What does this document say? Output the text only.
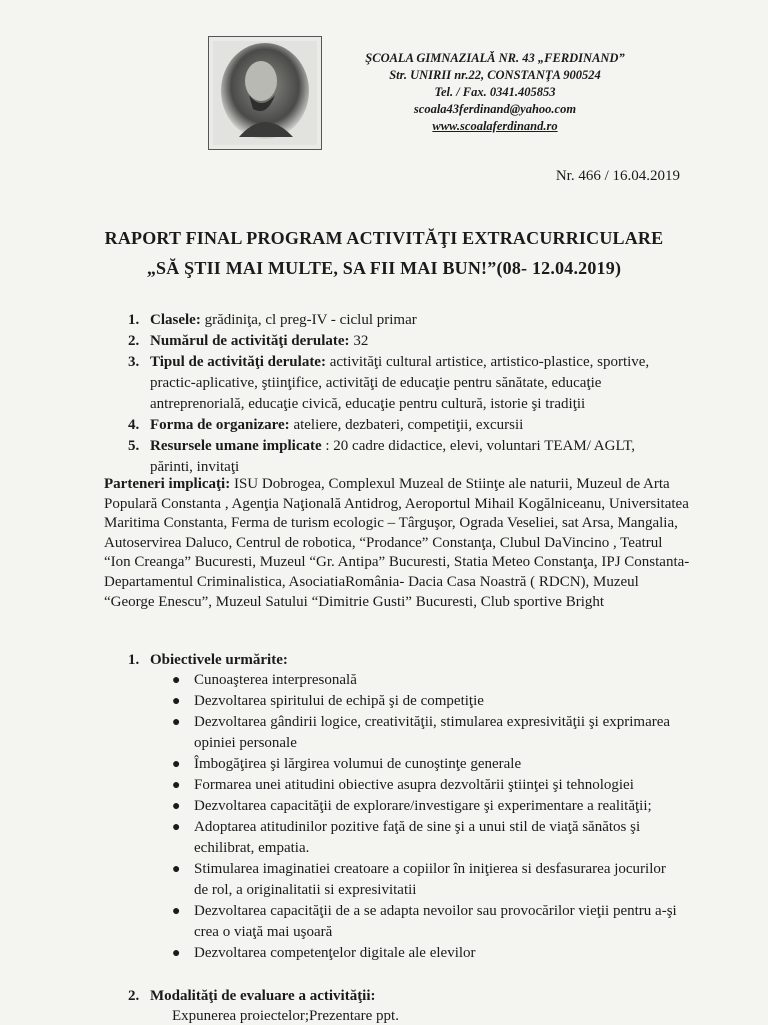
ŞCOALA GIMNAZIALĂ NR. 43 „FERDINAND”
Str. UNIRII nr.22, CONSTANŢA 900524
Tel. / Fax. 0341.405853
scoala43ferdinand@yahoo.com
www.scoalaferdinand.ro
Nr. 466 / 16.04.2019
RAPORT FINAL PROGRAM ACTIVITĂŢI EXTRACURRICULARE
„SĂ ŞTII MAI MULTE, SA FII MAI BUN!”(08- 12.04.2019)
1. Clasele: grădiniţa, cl preg-IV - ciclul primar
2. Numărul de activităţi derulate: 32
3. Tipul de activităţi derulate: activităţi cultural artistice, artistico-plastice, sportive, practic-aplicative, ştiinţifice, activităţi de educaţie pentru sănătate, educaţie antreprenorială, educaţie civică, educaţie pentru cultură, istorie şi tradiţii
4. Forma de organizare: ateliere, dezbateri, competiţii, excursii
5. Resursele umane implicate : 20 cadre didactice, elevi, voluntari TEAM/ AGLT, părinti, invitaţi
Parteneri implicaţi: ISU Dobrogea, Complexul Muzeal de Stiinţe ale naturii, Muzeul de Arta Populară Constanta , Agenţia Naţională Antidrog, Aeroportul Mihail Kogălniceanu, Universitatea Maritima Constanta, Ferma de turism ecologic – Târguşor, Ograda Veseliei, sat Arsa, Mangalia, Autoservirea Daluco, Centrul de robotica, “Prodance” Constanţa, Clubul DaVincino , Teatrul “Ion Creanga” Bucuresti, Muzeul “Gr. Antipa” Bucuresti, Statia Meteo Constanţa, IPJ Constanta- Departamentul Criminalistica, AsociatiaRomânia- Dacia Casa Noastră ( RDCN), Muzeul “George Enescu”, Muzeul Satului “Dimitrie Gusti” Bucuresti, Club sportive Bright
1. Obiectivele urmărite:
● Cunoaşterea interpresonală
● Dezvoltarea spiritului de echipă şi de competiţie
● Dezvoltarea gândirii logice, creativităţii, stimularea expresivităţii şi exprimarea opiniei personale
● Îmbogăţirea şi lărgirea volumui de cunoştinţe generale
● Formarea unei atitudini obiective asupra dezvoltării ştiinţei şi tehnologiei
● Dezvoltarea capacităţii de explorare/investigare şi experimentare a realităţii;
● Adoptarea atitudinilor pozitive faţă de sine şi a unui stil de viaţă sănătos şi echilibrat, empatia.
● Stimularea imaginatiei creatoare a copiilor în iniţierea si desfasurarea jocurilor de rol, a originalitatii si expresivitatii
● Dezvoltarea capacităţii de a se adapta nevoilor sau provocărilor vieţii pentru a-şi crea o viaţă mai uşoară
● Dezvoltarea competenţelor digitale ale elevilor
2. Modalităţi de evaluare a activităţii:
Expunerea proiectelor;Prezentare ppt.
